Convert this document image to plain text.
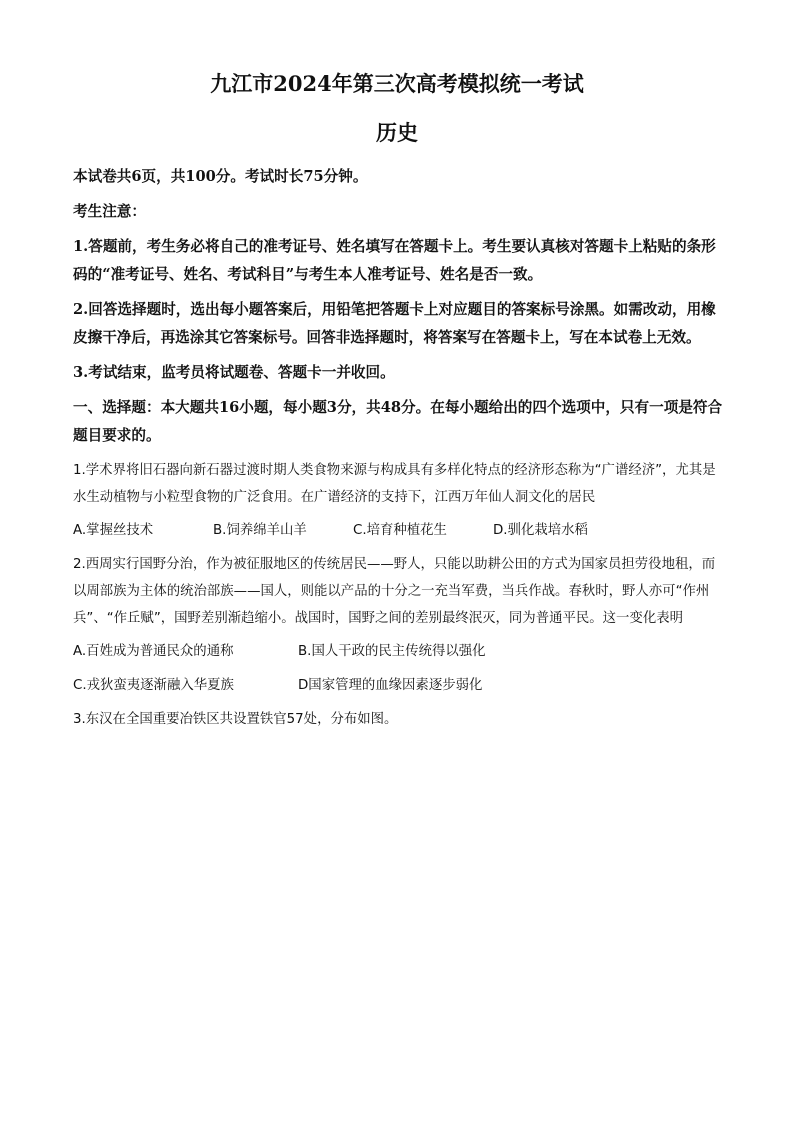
九江市2024年第三次高考模拟统一考试
历史

本试卷共6页，共100分。考试时长75分钟。

考生注意：

1.答题前，考生务必将自己的准考证号、姓名填写在答题卡上。考生要认真核对答题卡上粘贴的条形码的“准考证号、姓名、考试科目”与考生本人准考证号、姓名是否一致。

2.回答选择题时，选出每小题答案后，用铅笔把答题卡上对应题目的答案标号涂黑。如需改动，用橡皮擦干净后，再选涂其它答案标号。回答非选择题时，将答案写在答题卡上，写在本试卷上无效。

3.考试结束，监考员将试题卷、答题卡一并收回。

一、选择题：本大题共16小题，每小题3分，共48分。在每小题给出的四个选项中，只有一项是符合题目要求的。

1.学术界将旧石器向新石器过渡时期人类食物来源与构成具有多样化特点的经济形态称为“广谱经济”，尤其是水生动植物与小粒型食物的广泛食用。在广谱经济的支持下，江西万年仙人洞文化的居民

A.掌握丝技术	B.饲养绵羊山羊	C.培育种植花生	D.驯化栽培水稻

2.西周实行国野分治，作为被征服地区的传统居民——野人，只能以助耕公田的方式为国家员担劳役地租，而以周部族为主体的统治部族——国人，则能以产品的十分之一充当军费，当兵作战。春秋时，野人亦可“作州兵”、“作丘赋”，国野差别渐趋缩小。战国时，国野之间的差别最终泯灭，同为普通平民。这一变化表明

A.百姓成为普通民众的通称	B.国人干政的民主传统得以强化
C.戎狄蛮夷逐渐融入华夏族	D国家管理的血缘因素逐步弱化

3.东汉在全国重要冶铁区共设置铁官57处，分布如图。
